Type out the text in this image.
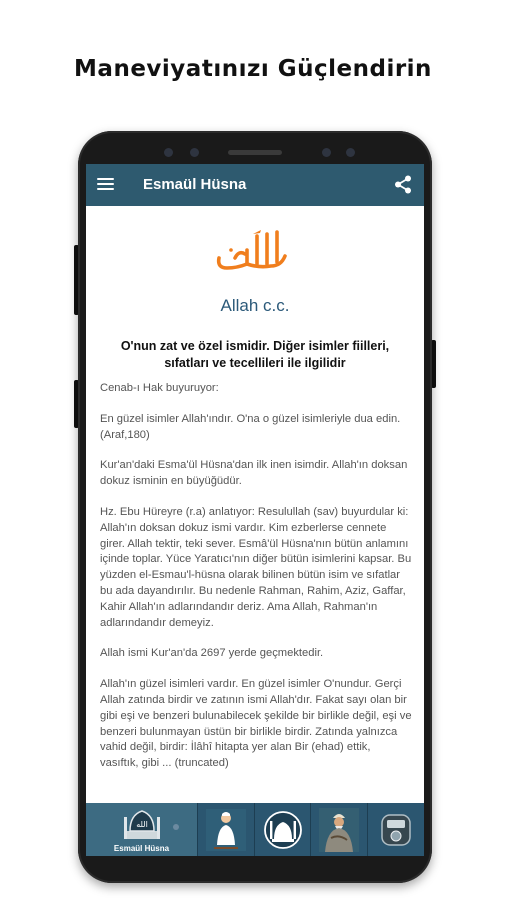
Maneviyatınızı Güçlendirin
Esmaül Hüsna
Allah c.c.
O'nun zat ve özel ismidir. Diğer isimler fiilleri, sıfatları ve tecellileri ile ilgilidir

Cenab-ı Hak buyuruyor:

En güzel isimler Allah'ındır. O'na o güzel isimleriyle dua edin. (Araf,180)

Kur'an'daki Esma'ül Hüsna'dan ilk inen isimdir. Allah'ın doksan dokuz isminin en büyüğüdür.

Hz. Ebu Hüreyre (r.a) anlatıyor: Resulullah (sav) buyurdular ki: Allah'ın doksan dokuz ismi vardır. Kim ezberlerse cennete girer. Allah tektir, teki sever. Esmâ'ül Hüsna'nın bütün anlamını içinde toplar. Yüce Yaratıcı'nın diğer bütün isimlerini kapsar. Bu yüzden el-Esmau'l-hüsna olarak bilinen bütün isim ve sıfatlar bu ada dayandırılır. Bu nedenle Rahman, Rahim, Aziz, Gaffar, Kahir Allah'ın adlarındandır deriz. Ama Allah, Rahman'ın adlarındandır demeyiz.

Allah ismi Kur'an'da 2697 yerde geçmektedir.

Allah'ın güzel isimleri vardır. En güzel isimler O'nundur. Gerçi Allah zatında birdir ve zatının ismi Allah'dır. Fakat sayı olan bir gibi eşi ve benzeri bulunabilecek şekilde bir birlikle değil, eşi ve benzeri bulunmayan üstün bir birlikle birdir. Zatında yalnızca vahid değil, birdir: İlâhî hitapta yer alan Bir (ehad) ettik, vasıftık, gibi ... (truncated)

الله
Esmaül Hüsna
